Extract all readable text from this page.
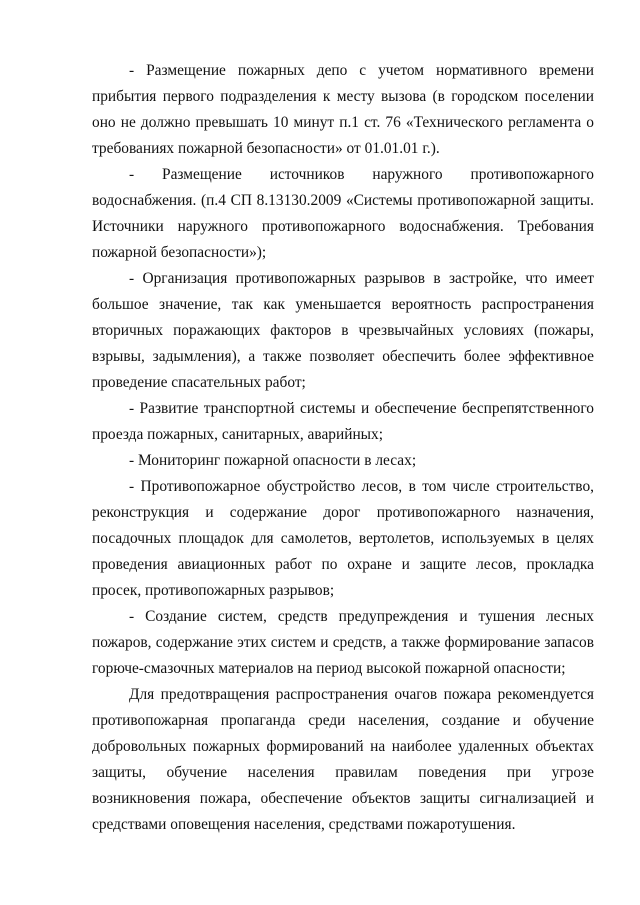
- Размещение пожарных депо с учетом нормативного времени прибытия первого подразделения к месту вызова (в городском поселении оно не должно превышать 10 минут п.1 ст. 76 «Технического регламента о требованиях пожарной безопасности» от 01.01.01 г.).

- Размещение источников наружного противопожарного водоснабжения. (п.4 СП 8.13130.2009 «Системы противопожарной защиты. Источники наружного противопожарного водоснабжения. Требования пожарной безопасности»);

- Организация противопожарных разрывов в застройке, что имеет большое значение, так как уменьшается вероятность распространения вторичных поражающих факторов в чрезвычайных условиях (пожары, взрывы, задымления), а также позволяет обеспечить более эффективное проведение спасательных работ;

- Развитие транспортной системы и обеспечение беспрепятственного проезда пожарных, санитарных, аварийных;

- Мониторинг пожарной опасности в лесах;

- Противопожарное обустройство лесов, в том числе строительство, реконструкция и содержание дорог противопожарного назначения, посадочных площадок для самолетов, вертолетов, используемых в целях проведения авиационных работ по охране и защите лесов, прокладка просек, противопожарных разрывов;

- Создание систем, средств предупреждения и тушения лесных пожаров, содержание этих систем и средств, а также формирование запасов горюче-смазочных материалов на период высокой пожарной опасности;

Для предотвращения распространения очагов пожара рекомендуется противопожарная пропаганда среди населения, создание и обучение добровольных пожарных формирований на наиболее удаленных объектах защиты, обучение населения правилам поведения при угрозе возникновения пожара, обеспечение объектов защиты сигнализацией и средствами оповещения населения, средствами пожаротушения.
